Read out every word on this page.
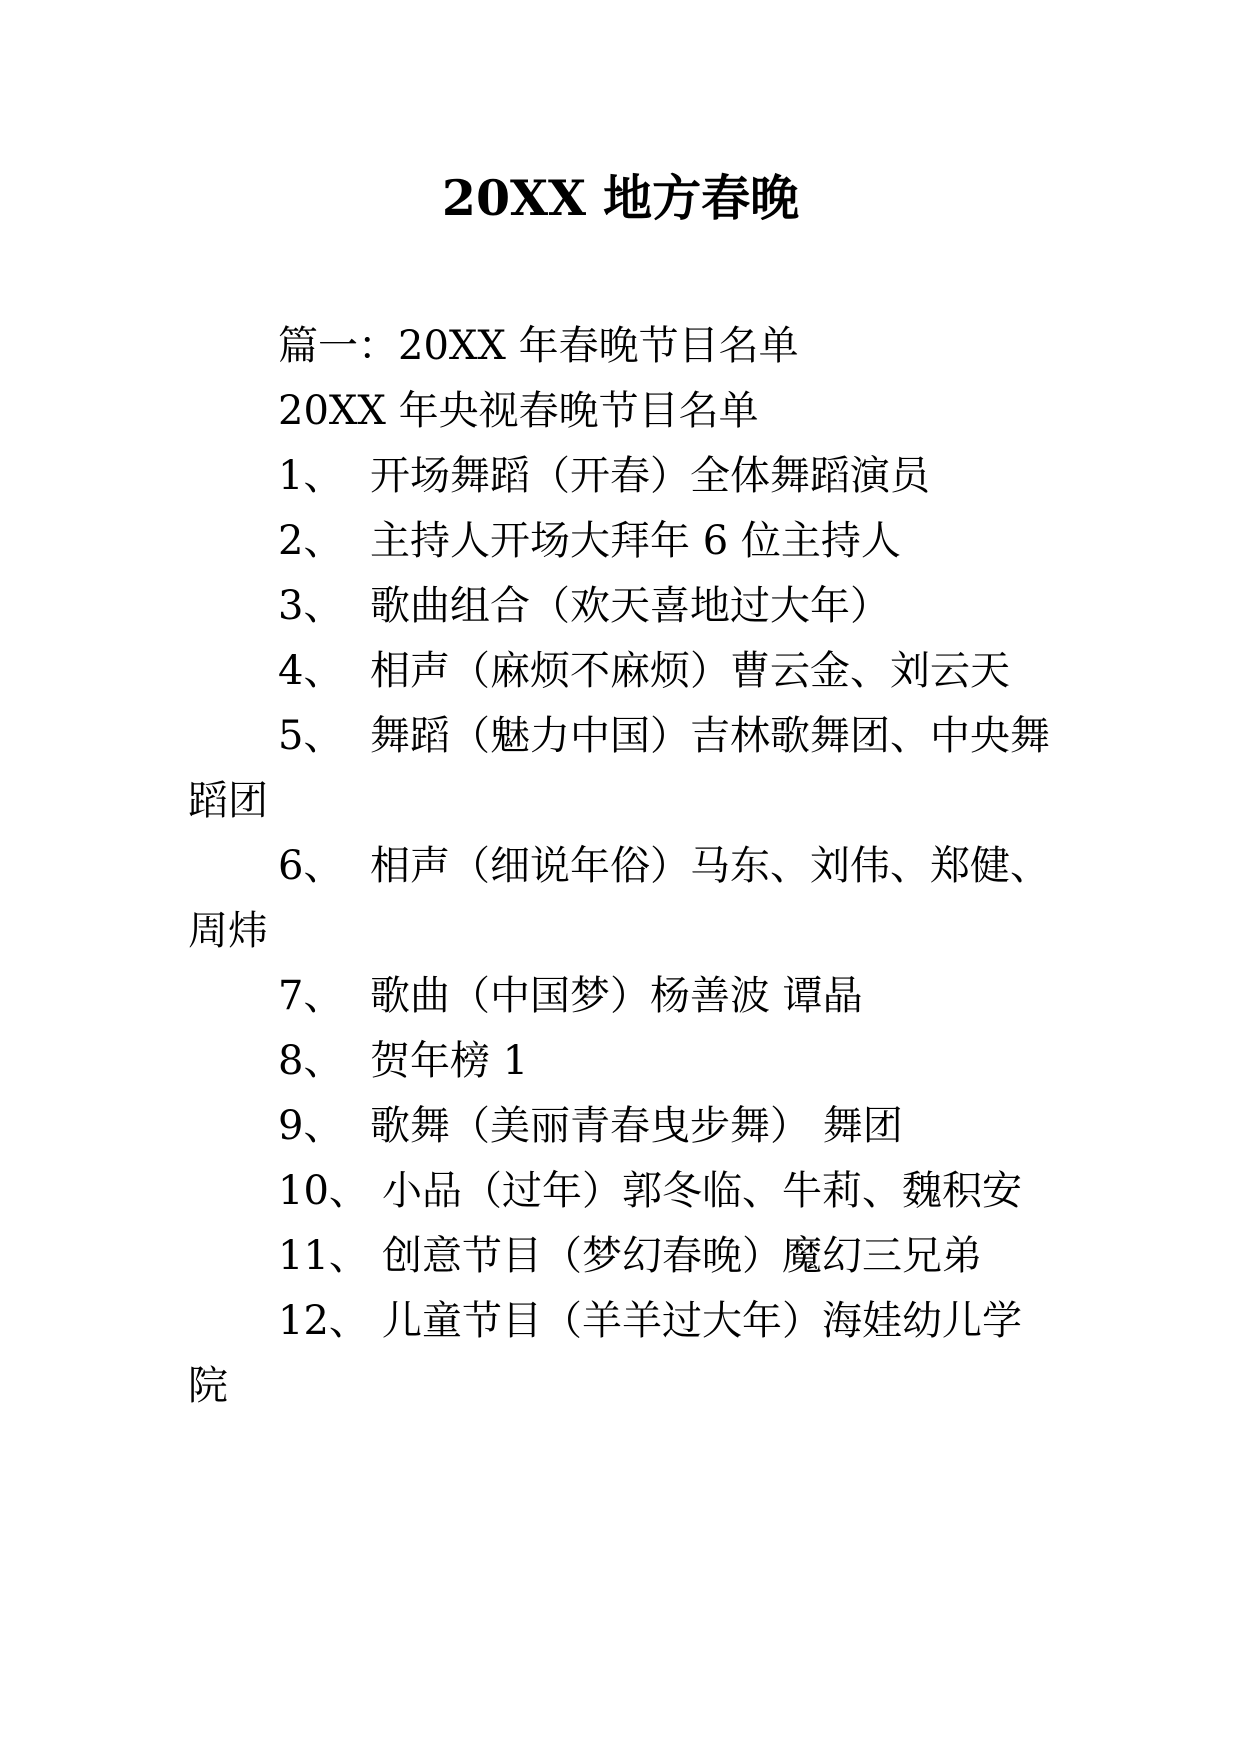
20XX 地方春晚

篇一：20XX 年春晚节目名单

20XX 年央视春晚节目名单

1、 开场舞蹈（开春）全体舞蹈演员

2、 主持人开场大拜年 6 位主持人

3、 歌曲组合（欢天喜地过大年）

4、 相声（麻烦不麻烦）曹云金、刘云天

5、 舞蹈（魅力中国）吉林歌舞团、中央舞蹈团

6、 相声（细说年俗）马东、刘伟、郑健、周炜

7、 歌曲（中国梦）杨善波 谭晶

8、 贺年榜 1

9、 歌舞（美丽青春曳步舞） 舞团

10、 小品（过年）郭冬临、牛莉、魏积安

11、 创意节目（梦幻春晚）魔幻三兄弟

12、 儿童节目（羊羊过大年）海娃幼儿学院
